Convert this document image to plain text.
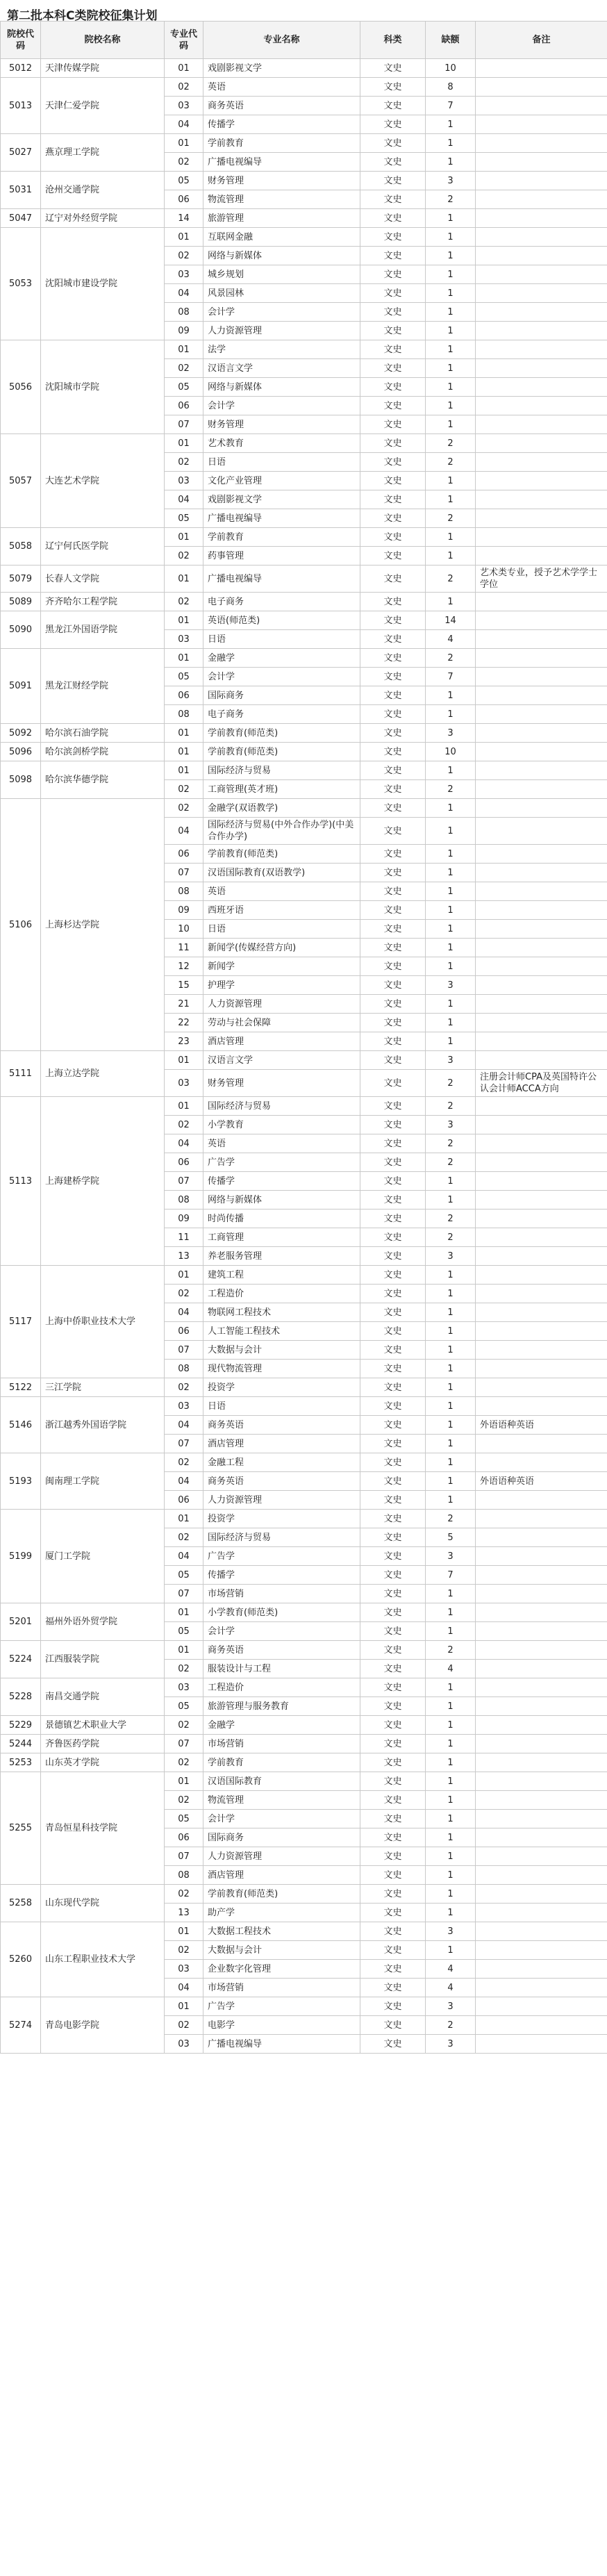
第二批本科C类院校征集计划
院校代码	院校名称	专业代码	专业名称	科类	缺额	备注
5012	天津传媒学院	01	戏剧影视文学	文史	10	
5013	天津仁爱学院	02	英语	文史	8	
		03	商务英语	文史	7	
		04	传播学	文史	1	
5027	燕京理工学院	01	学前教育	文史	1	
		02	广播电视编导	文史	1	
5031	沧州交通学院	05	财务管理	文史	3	
		06	物流管理	文史	2	
5047	辽宁对外经贸学院	14	旅游管理	文史	1	
5053	沈阳城市建设学院	01	互联网金融	文史	1	
		02	网络与新媒体	文史	1	
		03	城乡规划	文史	1	
		04	风景园林	文史	1	
		08	会计学	文史	1	
		09	人力资源管理	文史	1	
5056	沈阳城市学院	01	法学	文史	1	
		02	汉语言文学	文史	1	
		05	网络与新媒体	文史	1	
		06	会计学	文史	1	
		07	财务管理	文史	1	
5057	大连艺术学院	01	艺术教育	文史	2	
		02	日语	文史	2	
		03	文化产业管理	文史	1	
		04	戏剧影视文学	文史	1	
		05	广播电视编导	文史	2	
5058	辽宁何氏医学院	01	学前教育	文史	1	
		02	药事管理	文史	1	
5079	长春人文学院	01	广播电视编导	文史	2	艺术类专业，授予艺术学学士学位
5089	齐齐哈尔工程学院	02	电子商务	文史	1	
5090	黑龙江外国语学院	01	英语(师范类)	文史	14	
		03	日语	文史	4	
5091	黑龙江财经学院	01	金融学	文史	2	
		05	会计学	文史	7	
		06	国际商务	文史	1	
		08	电子商务	文史	1	
5092	哈尔滨石油学院	01	学前教育(师范类)	文史	3	
5096	哈尔滨剑桥学院	01	学前教育(师范类)	文史	10	
5098	哈尔滨华德学院	01	国际经济与贸易	文史	1	
		02	工商管理(英才班)	文史	2	
5106	上海杉达学院	02	金融学(双语教学)	文史	1	
		04	国际经济与贸易(中外合作办学)(中美合作办学)	文史	1	
		06	学前教育(师范类)	文史	1	
		07	汉语国际教育(双语教学)	文史	1	
		08	英语	文史	1	
		09	西班牙语	文史	1	
		10	日语	文史	1	
		11	新闻学(传媒经营方向)	文史	1	
		12	新闻学	文史	1	
		15	护理学	文史	3	
		21	人力资源管理	文史	1	
		22	劳动与社会保障	文史	1	
		23	酒店管理	文史	1	
5111	上海立达学院	01	汉语言文学	文史	3	
		03	财务管理	文史	2	注册会计师CPA及英国特许公认会计师ACCA方向
5113	上海建桥学院	01	国际经济与贸易	文史	2	
		02	小学教育	文史	3	
		04	英语	文史	2	
		06	广告学	文史	2	
		07	传播学	文史	1	
		08	网络与新媒体	文史	1	
		09	时尚传播	文史	2	
		11	工商管理	文史	2	
		13	养老服务管理	文史	3	
5117	上海中侨职业技术大学	01	建筑工程	文史	1	
		02	工程造价	文史	1	
		04	物联网工程技术	文史	1	
		06	人工智能工程技术	文史	1	
		07	大数据与会计	文史	1	
		08	现代物流管理	文史	1	
5122	三江学院	02	投资学	文史	1	
5146	浙江越秀外国语学院	03	日语	文史	1	
		04	商务英语	文史	1	外语语种英语
		07	酒店管理	文史	1	
5193	闽南理工学院	02	金融工程	文史	1	
		04	商务英语	文史	1	外语语种英语
		06	人力资源管理	文史	1	
5199	厦门工学院	01	投资学	文史	2	
		02	国际经济与贸易	文史	5	
		04	广告学	文史	3	
		05	传播学	文史	7	
		07	市场营销	文史	1	
5201	福州外语外贸学院	01	小学教育(师范类)	文史	1	
		05	会计学	文史	1	
5224	江西服装学院	01	商务英语	文史	2	
		02	服装设计与工程	文史	4	
5228	南昌交通学院	03	工程造价	文史	1	
		05	旅游管理与服务教育	文史	1	
5229	景德镇艺术职业大学	02	金融学	文史	1	
5244	齐鲁医药学院	07	市场营销	文史	1	
5253	山东英才学院	02	学前教育	文史	1	
5255	青岛恒星科技学院	01	汉语国际教育	文史	1	
		02	物流管理	文史	1	
		05	会计学	文史	1	
		06	国际商务	文史	1	
		07	人力资源管理	文史	1	
		08	酒店管理	文史	1	
5258	山东现代学院	02	学前教育(师范类)	文史	1	
		13	助产学	文史	1	
5260	山东工程职业技术大学	01	大数据工程技术	文史	3	
		02	大数据与会计	文史	1	
		03	企业数字化管理	文史	4	
		04	市场营销	文史	4	
5274	青岛电影学院	01	广告学	文史	3	
		02	电影学	文史	2	
		03	广播电视编导	文史	3	
